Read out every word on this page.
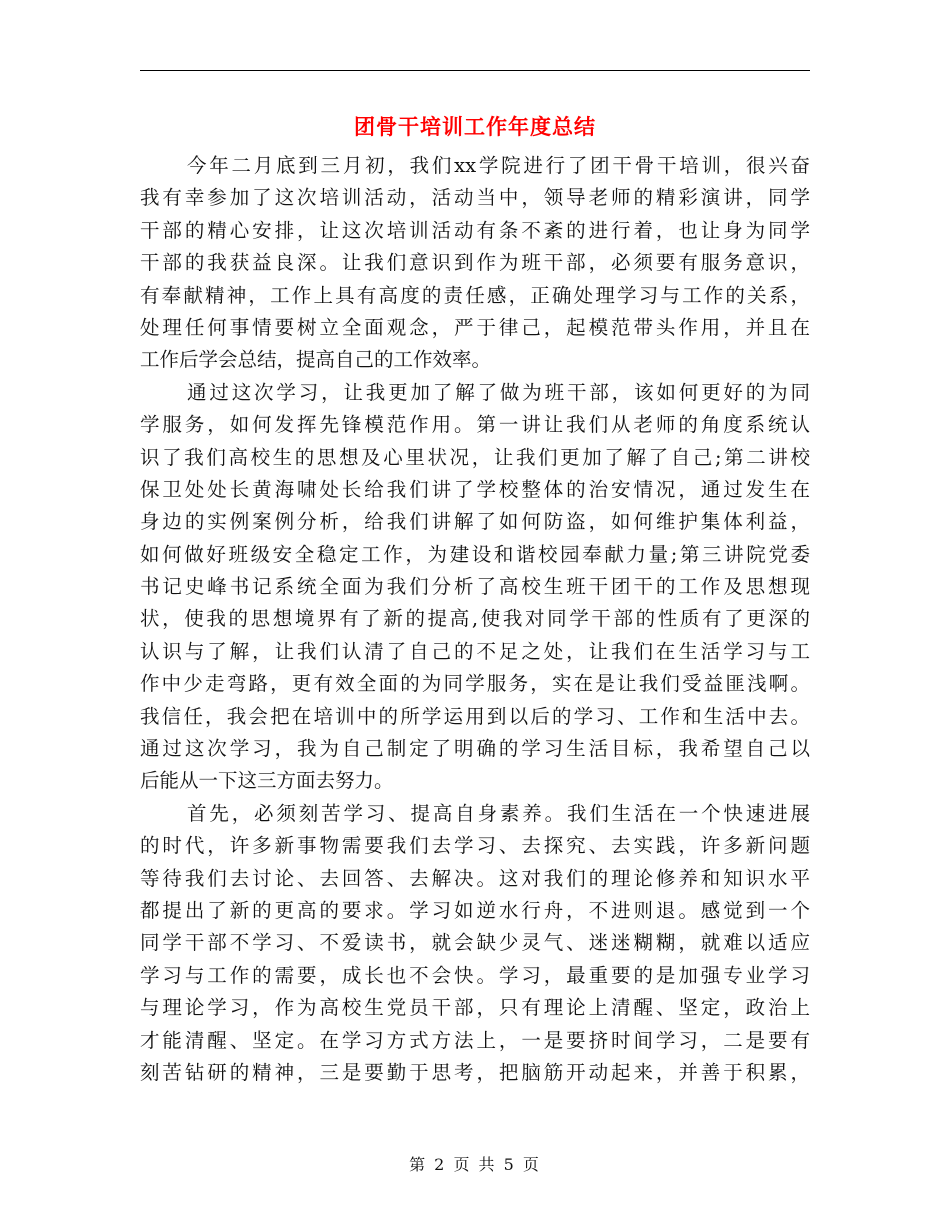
团骨干培训工作年度总结
今年二月底到三月初，我们xx学院进行了团干骨干培训，很兴奋
我有幸参加了这次培训活动，活动当中，领导老师的精彩演讲，同学
干部的精心安排，让这次培训活动有条不紊的进行着，也让身为同学
干部的我获益良深。让我们意识到作为班干部，必须要有服务意识，
有奉献精神，工作上具有高度的责任感，正确处理学习与工作的关系，
处理任何事情要树立全面观念，严于律己，起模范带头作用，并且在
工作后学会总结，提高自己的工作效率。
通过这次学习，让我更加了解了做为班干部，该如何更好的为同
学服务，如何发挥先锋模范作用。第一讲让我们从老师的角度系统认
识了我们高校生的思想及心里状况，让我们更加了解了自己;第二讲校
保卫处处长黄海啸处长给我们讲了学校整体的治安情况，通过发生在
身边的实例案例分析，给我们讲解了如何防盗，如何维护集体利益，
如何做好班级安全稳定工作，为建设和谐校园奉献力量;第三讲院党委
书记史峰书记系统全面为我们分析了高校生班干团干的工作及思想现
状，使我的思想境界有了新的提高,使我对同学干部的性质有了更深的
认识与了解，让我们认清了自己的不足之处，让我们在生活学习与工
作中少走弯路，更有效全面的为同学服务，实在是让我们受益匪浅啊。
我信任，我会把在培训中的所学运用到以后的学习、工作和生活中去。
通过这次学习，我为自己制定了明确的学习生活目标，我希望自己以
后能从一下这三方面去努力。
首先，必须刻苦学习、提高自身素养。我们生活在一个快速进展
的时代，许多新事物需要我们去学习、去探究、去实践，许多新问题
等待我们去讨论、去回答、去解决。这对我们的理论修养和知识水平
都提出了新的更高的要求。学习如逆水行舟，不进则退。感觉到一个
同学干部不学习、不爱读书，就会缺少灵气、迷迷糊糊，就难以适应
学习与工作的需要，成长也不会快。学习，最重要的是加强专业学习
与理论学习，作为高校生党员干部，只有理论上清醒、坚定，政治上
才能清醒、坚定。在学习方式方法上，一是要挤时间学习，二是要有
刻苦钻研的精神，三是要勤于思考，把脑筋开动起来，并善于积累，
第 2 页 共 5 页
